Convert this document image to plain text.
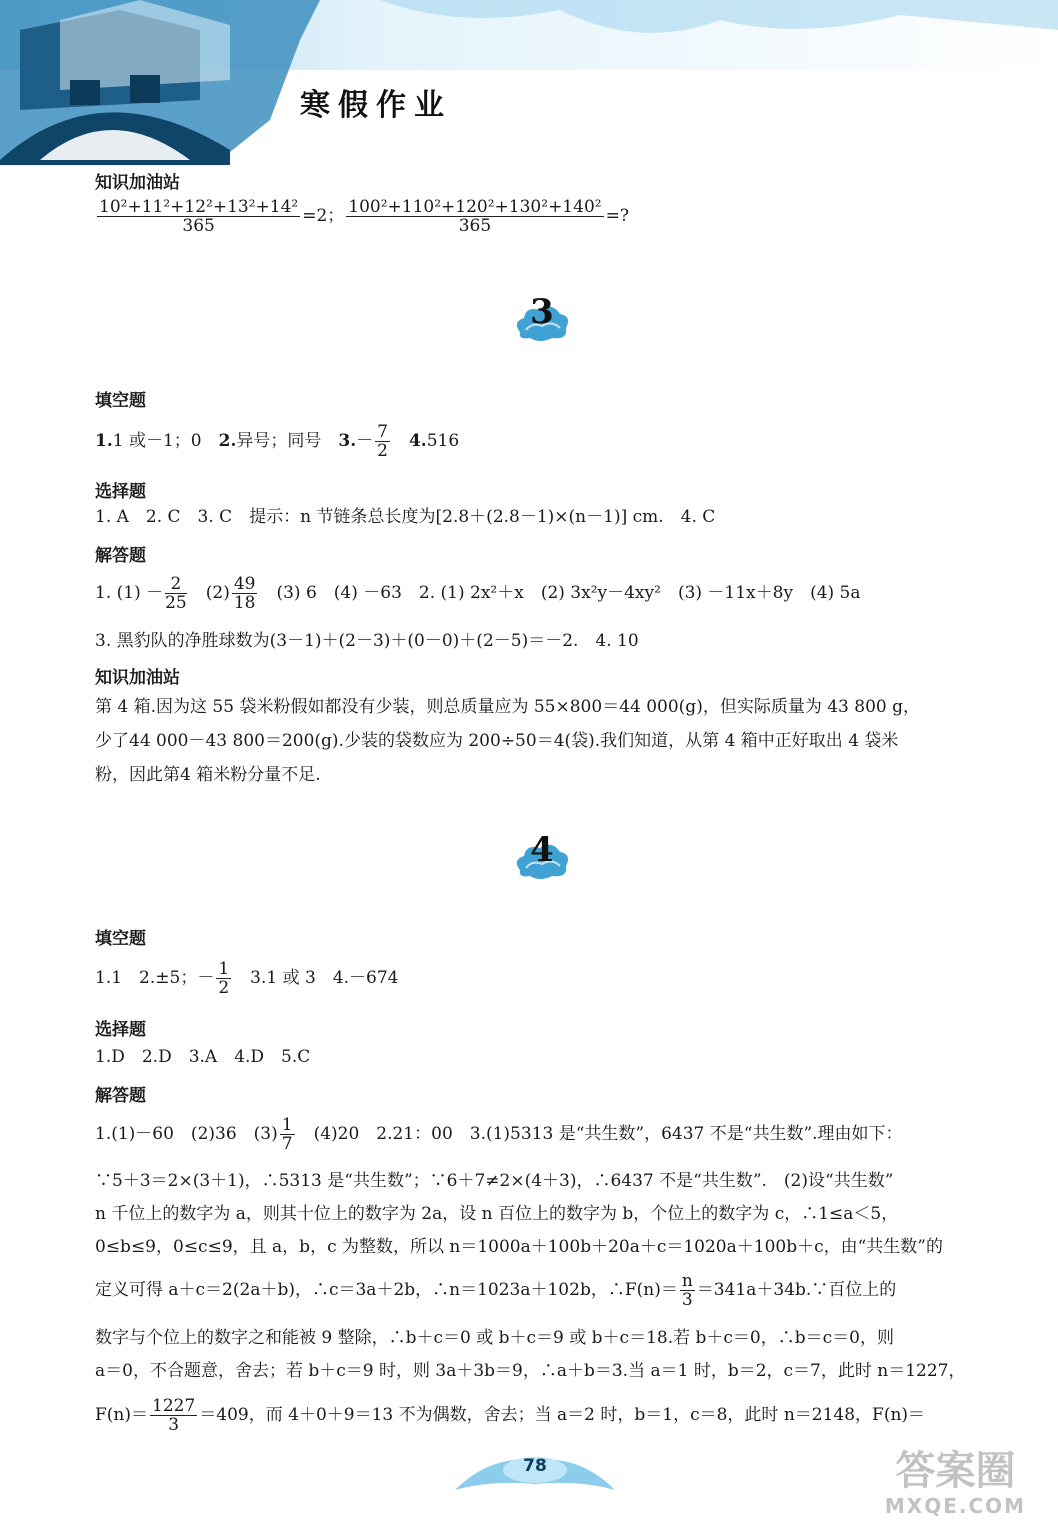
寒假作业
知识加油站
$\frac{\text{10²+11²+12²+13²+14²}}{365} =2$； $\frac{\text{100²+110²+120²+130²+140²}}{365}$ =?
3
填空题
1.1 或－1；0　 2.异号；同号　 $3.- \frac{7}{2}$
　 4.516
选择题
1. A　2. C　3. C　提示：n 节链条总长度为[2.8＋(2.8－1)×(n－1)] cm.　4. C
解答题
1. $(1) - \frac{2}{25}$
　 $(2) \frac{49}{18}$
　 (3) 6　(4) －63　2. (1) 2x²＋x　(2) 3x²y－4xy²　(3) －11x＋8y　(4) 5a
3. 黑豹队的净胜球数为(3－1)＋(2－3)＋(0－0)＋(2－5)＝－2.　4. 10
知识加油站
第 4 箱.因为这 55 袋米粉假如都没有少装，则总质量应为 55×800＝44 000(g)，但实际质量为 43 800 g，
少了44 000－43 800＝200(g).少装的袋数应为 200÷50＝4(袋).我们知道，从第 4 箱中正好取出 4 袋米
粉，因此第4 箱米粉分量不足.
4
填空题
1.1　2.±5；－ $\frac{1}{2}$
　 3.1 或 3　4.－674
选择题
1.D　2.D　3.A　4.D　5.C
解答题
1.(1)－60　(2)36　$(3) \frac{1}{7}$
　 (4)20　2.21：00　3.(1)5313 是“共生数”，6437 不是“共生数”.理由如下：
∵5＋3＝2×(3＋1)，∴5313 是“共生数”；∵6＋7≠2×(4＋3)，∴6437 不是“共生数”.　(2)设“共生数”
n 千位上的数字为 a，则其十位上的数字为 2a，设 n 百位上的数字为 b，个位上的数字为 c，∴1≤a＜5，
0≤b≤9，0≤c≤9，且 a，b，c 为整数，所以 n＝1000a＋100b＋20a＋c＝1020a＋100b＋c，由“共生数”的
定义可得 a＋c＝2(2a＋b)，∴c＝3a＋2b，∴n＝1023a＋102b，∴F(n)＝ $\frac{n}{3}$ ＝341a＋34b.∵百位上的
数字与个位上的数字之和能被 9 整除，∴b＋c＝0 或 b＋c＝9 或 b＋c＝18.若 b＋c＝0，∴b＝c＝0，则
a＝0，不合题意，舍去；若 b＋c＝9 时，则 3a＋3b＝9，∴a＋b＝3.当 a＝1 时，b＝2，c＝7，此时 n＝1227，
$F(n)= \frac{1227}{3} =409$，而 4＋0＋9＝13 不为偶数，舍去；当 a＝2 时，b＝1，c＝8，此时 n＝2148，F(n)＝
78	答案圈
MXQE.COM
